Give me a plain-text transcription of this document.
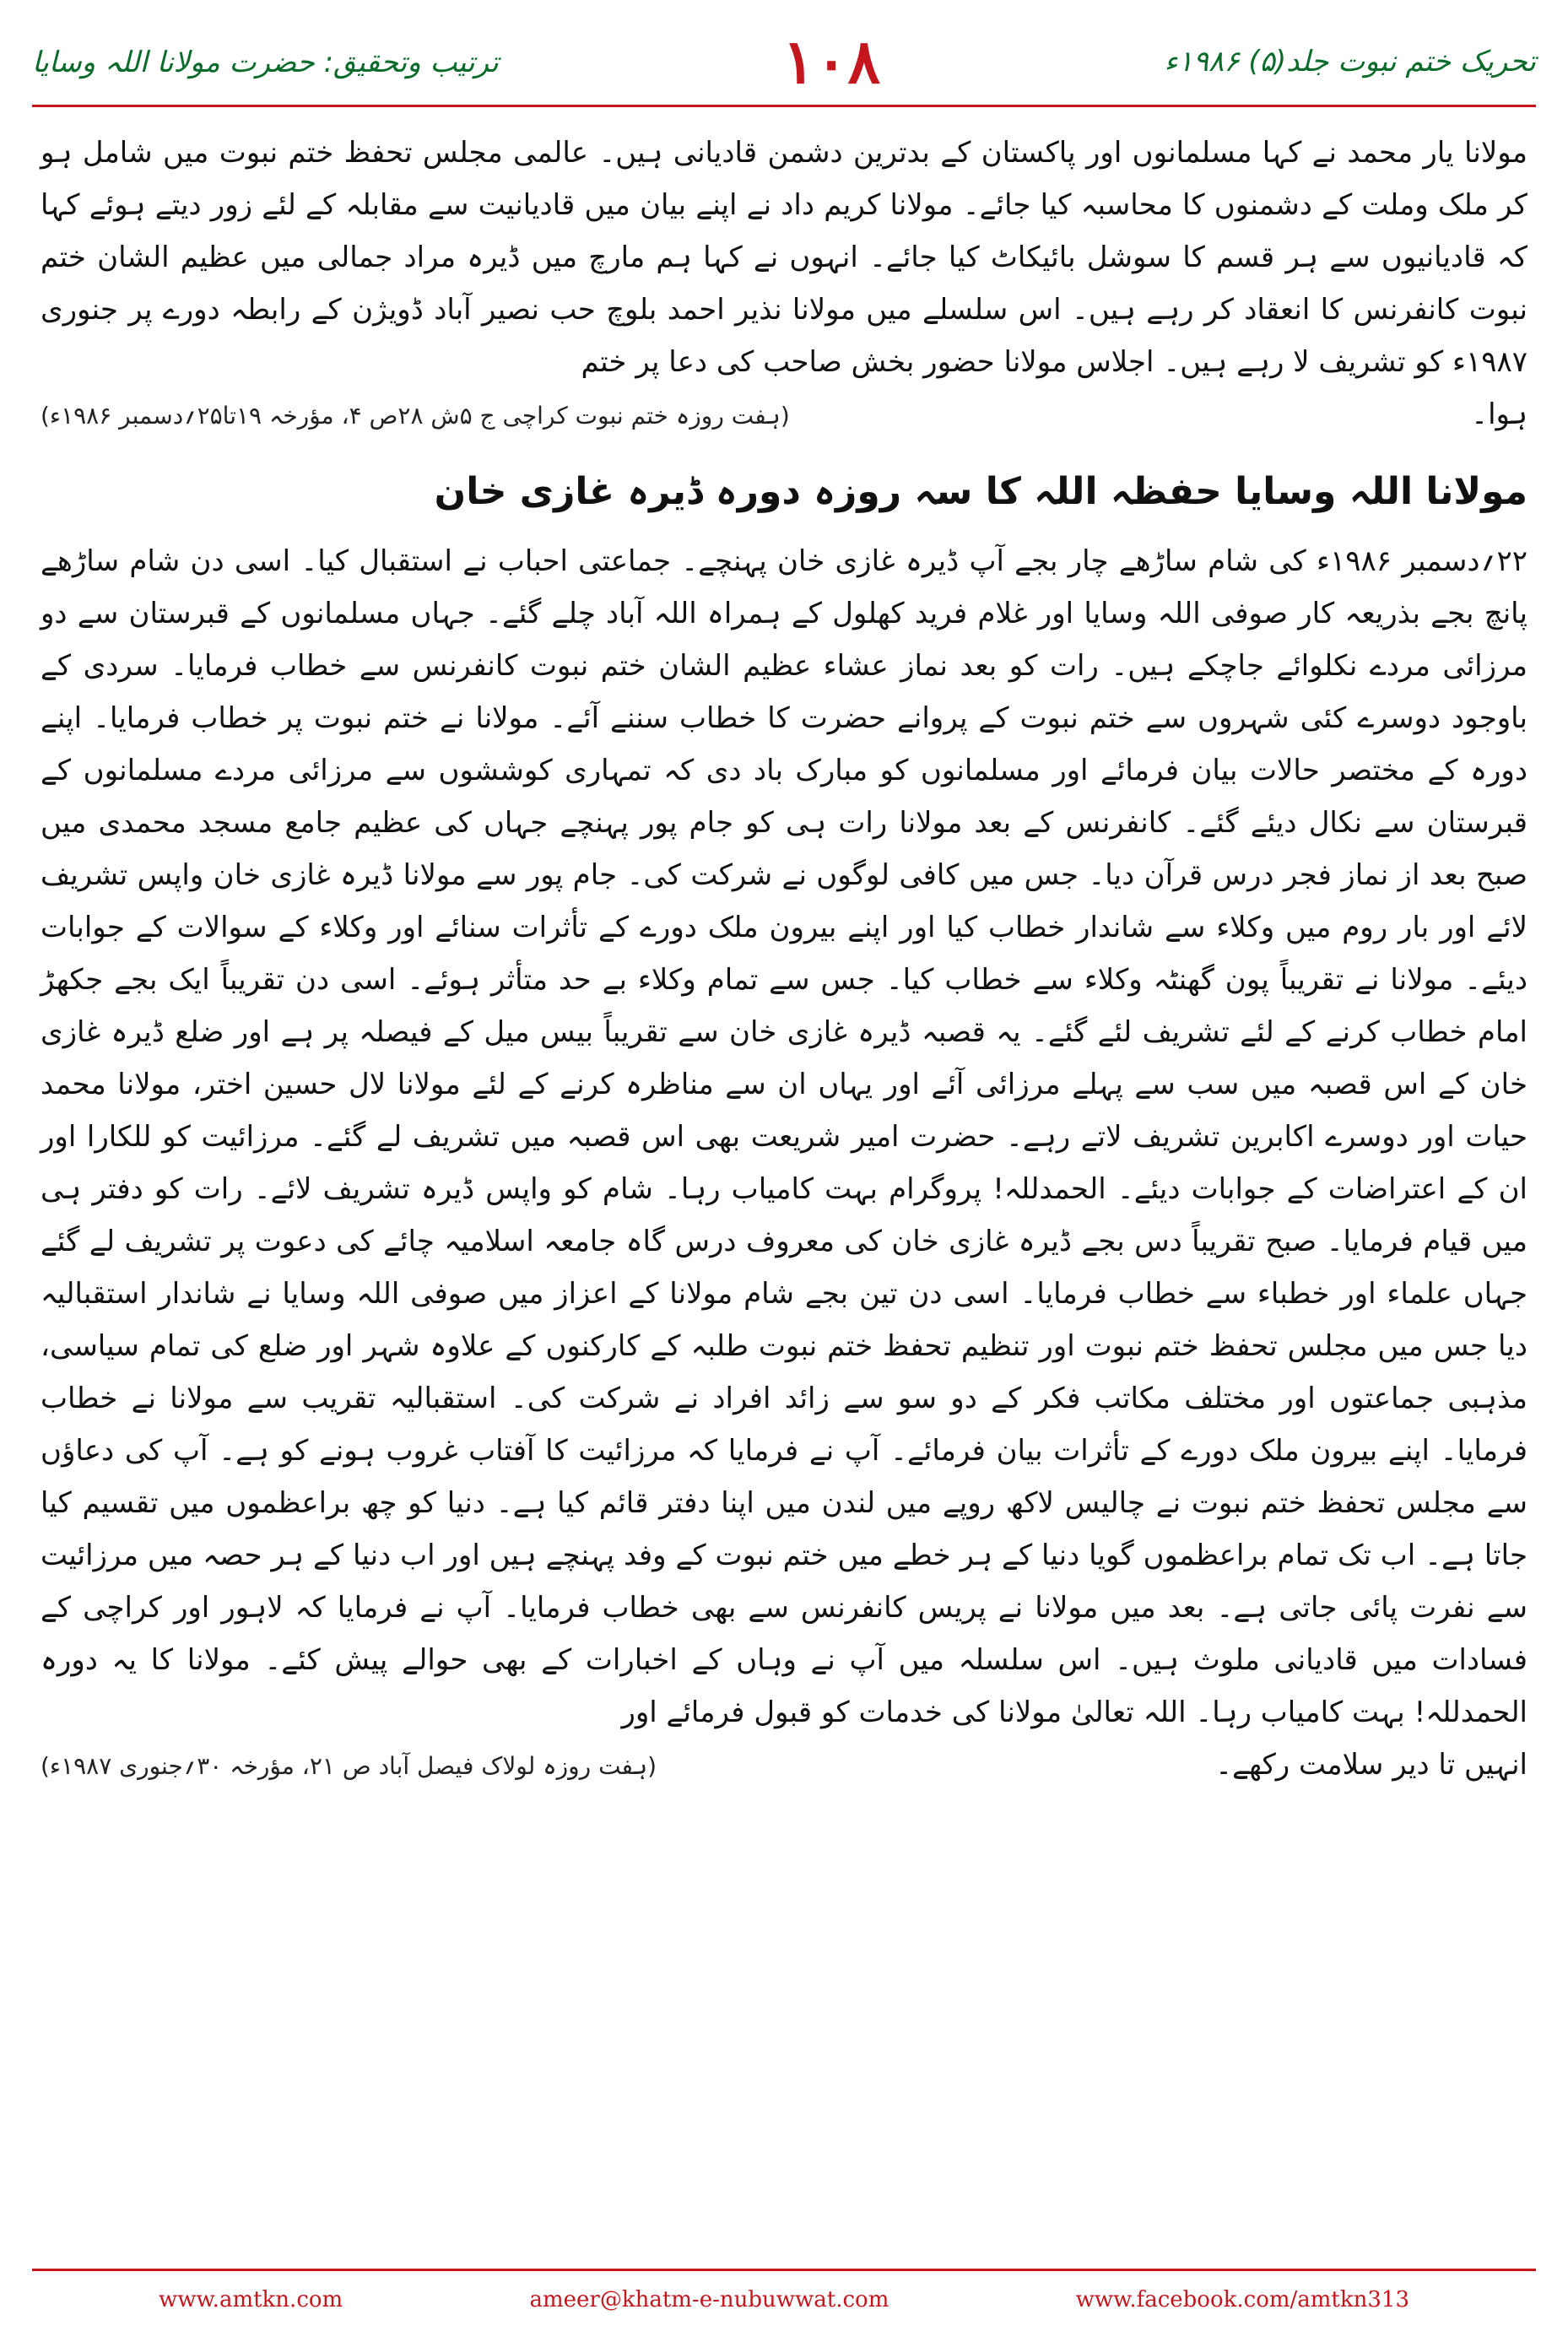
تحریک ختم نبوت جلد(۵) ۱۹۸۶ء
۱۰۸
ترتیب وتحقیق: حضرت مولانا اللہ وسایا

مولانا یار محمد نے کہا مسلمانوں اور پاکستان کے بدترین دشمن قادیانی ہیں۔ عالمی مجلس تحفظ ختم نبوت میں شامل ہو کر ملک وملت کے دشمنوں کا محاسبہ کیا جائے۔ مولانا کریم داد نے اپنے بیان میں قادیانیت سے مقابلہ کے لئے زور دیتے ہوئے کہا کہ قادیانیوں سے ہر قسم کا سوشل بائیکاٹ کیا جائے۔ انہوں نے کہا ہم مارچ میں ڈیرہ مراد جمالی میں عظیم الشان ختم نبوت کانفرنس کا انعقاد کر رہے ہیں۔ اس سلسلے میں مولانا نذیر احمد بلوچ حب نصیر آباد ڈویژن کے رابطہ دورے پر جنوری ۱۹۸۷ء کو تشریف لا رہے ہیں۔ اجلاس مولانا حضور بخش صاحب کی دعا پر ختم

ہوا۔
(ہفت روزہ ختم نبوت کراچی ج ۵ش ۲۸ص ۴، مؤرخہ ۱۹تا۲۵؍دسمبر ۱۹۸۶ء)
مولانا اللہ وسایا حفظہ اللہ کا سہ روزہ دورہ ڈیرہ غازی خان

۲۲؍دسمبر ۱۹۸۶ء کی شام ساڑھے چار بجے آپ ڈیرہ غازی خان پہنچے۔ جماعتی احباب نے استقبال کیا۔ اسی دن شام ساڑھے پانچ بجے بذریعہ کار صوفی اللہ وسایا اور غلام فرید کھلول کے ہمراہ اللہ آباد چلے گئے۔ جہاں مسلمانوں کے قبرستان سے دو مرزائی مردے نکلوائے جاچکے ہیں۔ رات کو بعد نماز عشاء عظیم الشان ختم نبوت کانفرنس سے خطاب فرمایا۔ سردی کے باوجود دوسرے کئی شہروں سے ختم نبوت کے پروانے حضرت کا خطاب سننے آئے۔ مولانا نے ختم نبوت پر خطاب فرمایا۔ اپنے دورہ کے مختصر حالات بیان فرمائے اور مسلمانوں کو مبارک باد دی کہ تمہاری کوششوں سے مرزائی مردے مسلمانوں کے قبرستان سے نکال دیئے گئے۔ کانفرنس کے بعد مولانا رات ہی کو جام پور پہنچے جہاں کی عظیم جامع مسجد محمدی میں صبح بعد از نماز فجر درس قرآن دیا۔ جس میں کافی لوگوں نے شرکت کی۔ جام پور سے مولانا ڈیرہ غازی خان واپس تشریف لائے اور بار روم میں وکلاء سے شاندار خطاب کیا اور اپنے بیرون ملک دورے کے تأثرات سنائے اور وکلاء کے سوالات کے جوابات دیئے۔ مولانا نے تقریباً پون گھنٹہ وکلاء سے خطاب کیا۔ جس سے تمام وکلاء بے حد متأثر ہوئے۔ اسی دن تقریباً ایک بجے جکھڑ امام خطاب کرنے کے لئے تشریف لئے گئے۔ یہ قصبہ ڈیرہ غازی خان سے تقریباً بیس میل کے فیصلہ پر ہے اور ضلع ڈیرہ غازی خان کے اس قصبہ میں سب سے پہلے مرزائی آئے اور یہاں ان سے مناظرہ کرنے کے لئے مولانا لال حسین اختر، مولانا محمد حیات اور دوسرے اکابرین تشریف لاتے رہے۔ حضرت امیر شریعت بھی اس قصبہ میں تشریف لے گئے۔ مرزائیت کو للکارا اور ان کے اعتراضات کے جوابات دیئے۔ الحمدللہ! پروگرام بہت کامیاب رہا۔ شام کو واپس ڈیرہ تشریف لائے۔ رات کو دفتر ہی میں قیام فرمایا۔ صبح تقریباً دس بجے ڈیرہ غازی خان کی معروف درس گاہ جامعہ اسلامیہ چائے کی دعوت پر تشریف لے گئے جہاں علماء اور خطباء سے خطاب فرمایا۔ اسی دن تین بجے شام مولانا کے اعزاز میں صوفی اللہ وسایا نے شاندار استقبالیہ دیا جس میں مجلس تحفظ ختم نبوت اور تنظیم تحفظ ختم نبوت طلبہ کے کارکنوں کے علاوہ شہر اور ضلع کی تمام سیاسی، مذہبی جماعتوں اور مختلف مکاتب فکر کے دو سو سے زائد افراد نے شرکت کی۔ استقبالیہ تقریب سے مولانا نے خطاب فرمایا۔ اپنے بیرون ملک دورے کے تأثرات بیان فرمائے۔ آپ نے فرمایا کہ مرزائیت کا آفتاب غروب ہونے کو ہے۔ آپ کی دعاؤں سے مجلس تحفظ ختم نبوت نے چالیس لاکھ روپے میں لندن میں اپنا دفتر قائم کیا ہے۔ دنیا کو چھ براعظموں میں تقسیم کیا جاتا ہے۔ اب تک تمام براعظموں گویا دنیا کے ہر خطے میں ختم نبوت کے وفد پہنچے ہیں اور اب دنیا کے ہر حصہ میں مرزائیت سے نفرت پائی جاتی ہے۔ بعد میں مولانا نے پریس کانفرنس سے بھی خطاب فرمایا۔ آپ نے فرمایا کہ لاہور اور کراچی کے فسادات میں قادیانی ملوث ہیں۔ اس سلسلہ میں آپ نے وہاں کے اخبارات کے بھی حوالے پیش کئے۔ مولانا کا یہ دورہ الحمدللہ! بہت کامیاب رہا۔ اللہ تعالیٰ مولانا کی خدمات کو قبول فرمائے اور

انہیں تا دیر سلامت رکھے۔
(ہفت روزہ لولاک فیصل آباد ص ۲۱، مؤرخہ ۳۰؍جنوری ۱۹۸۷ء)
www.amtkn.com	ameer@khatm-e-nubuwwat.com	www.facebook.com/amtkn313
